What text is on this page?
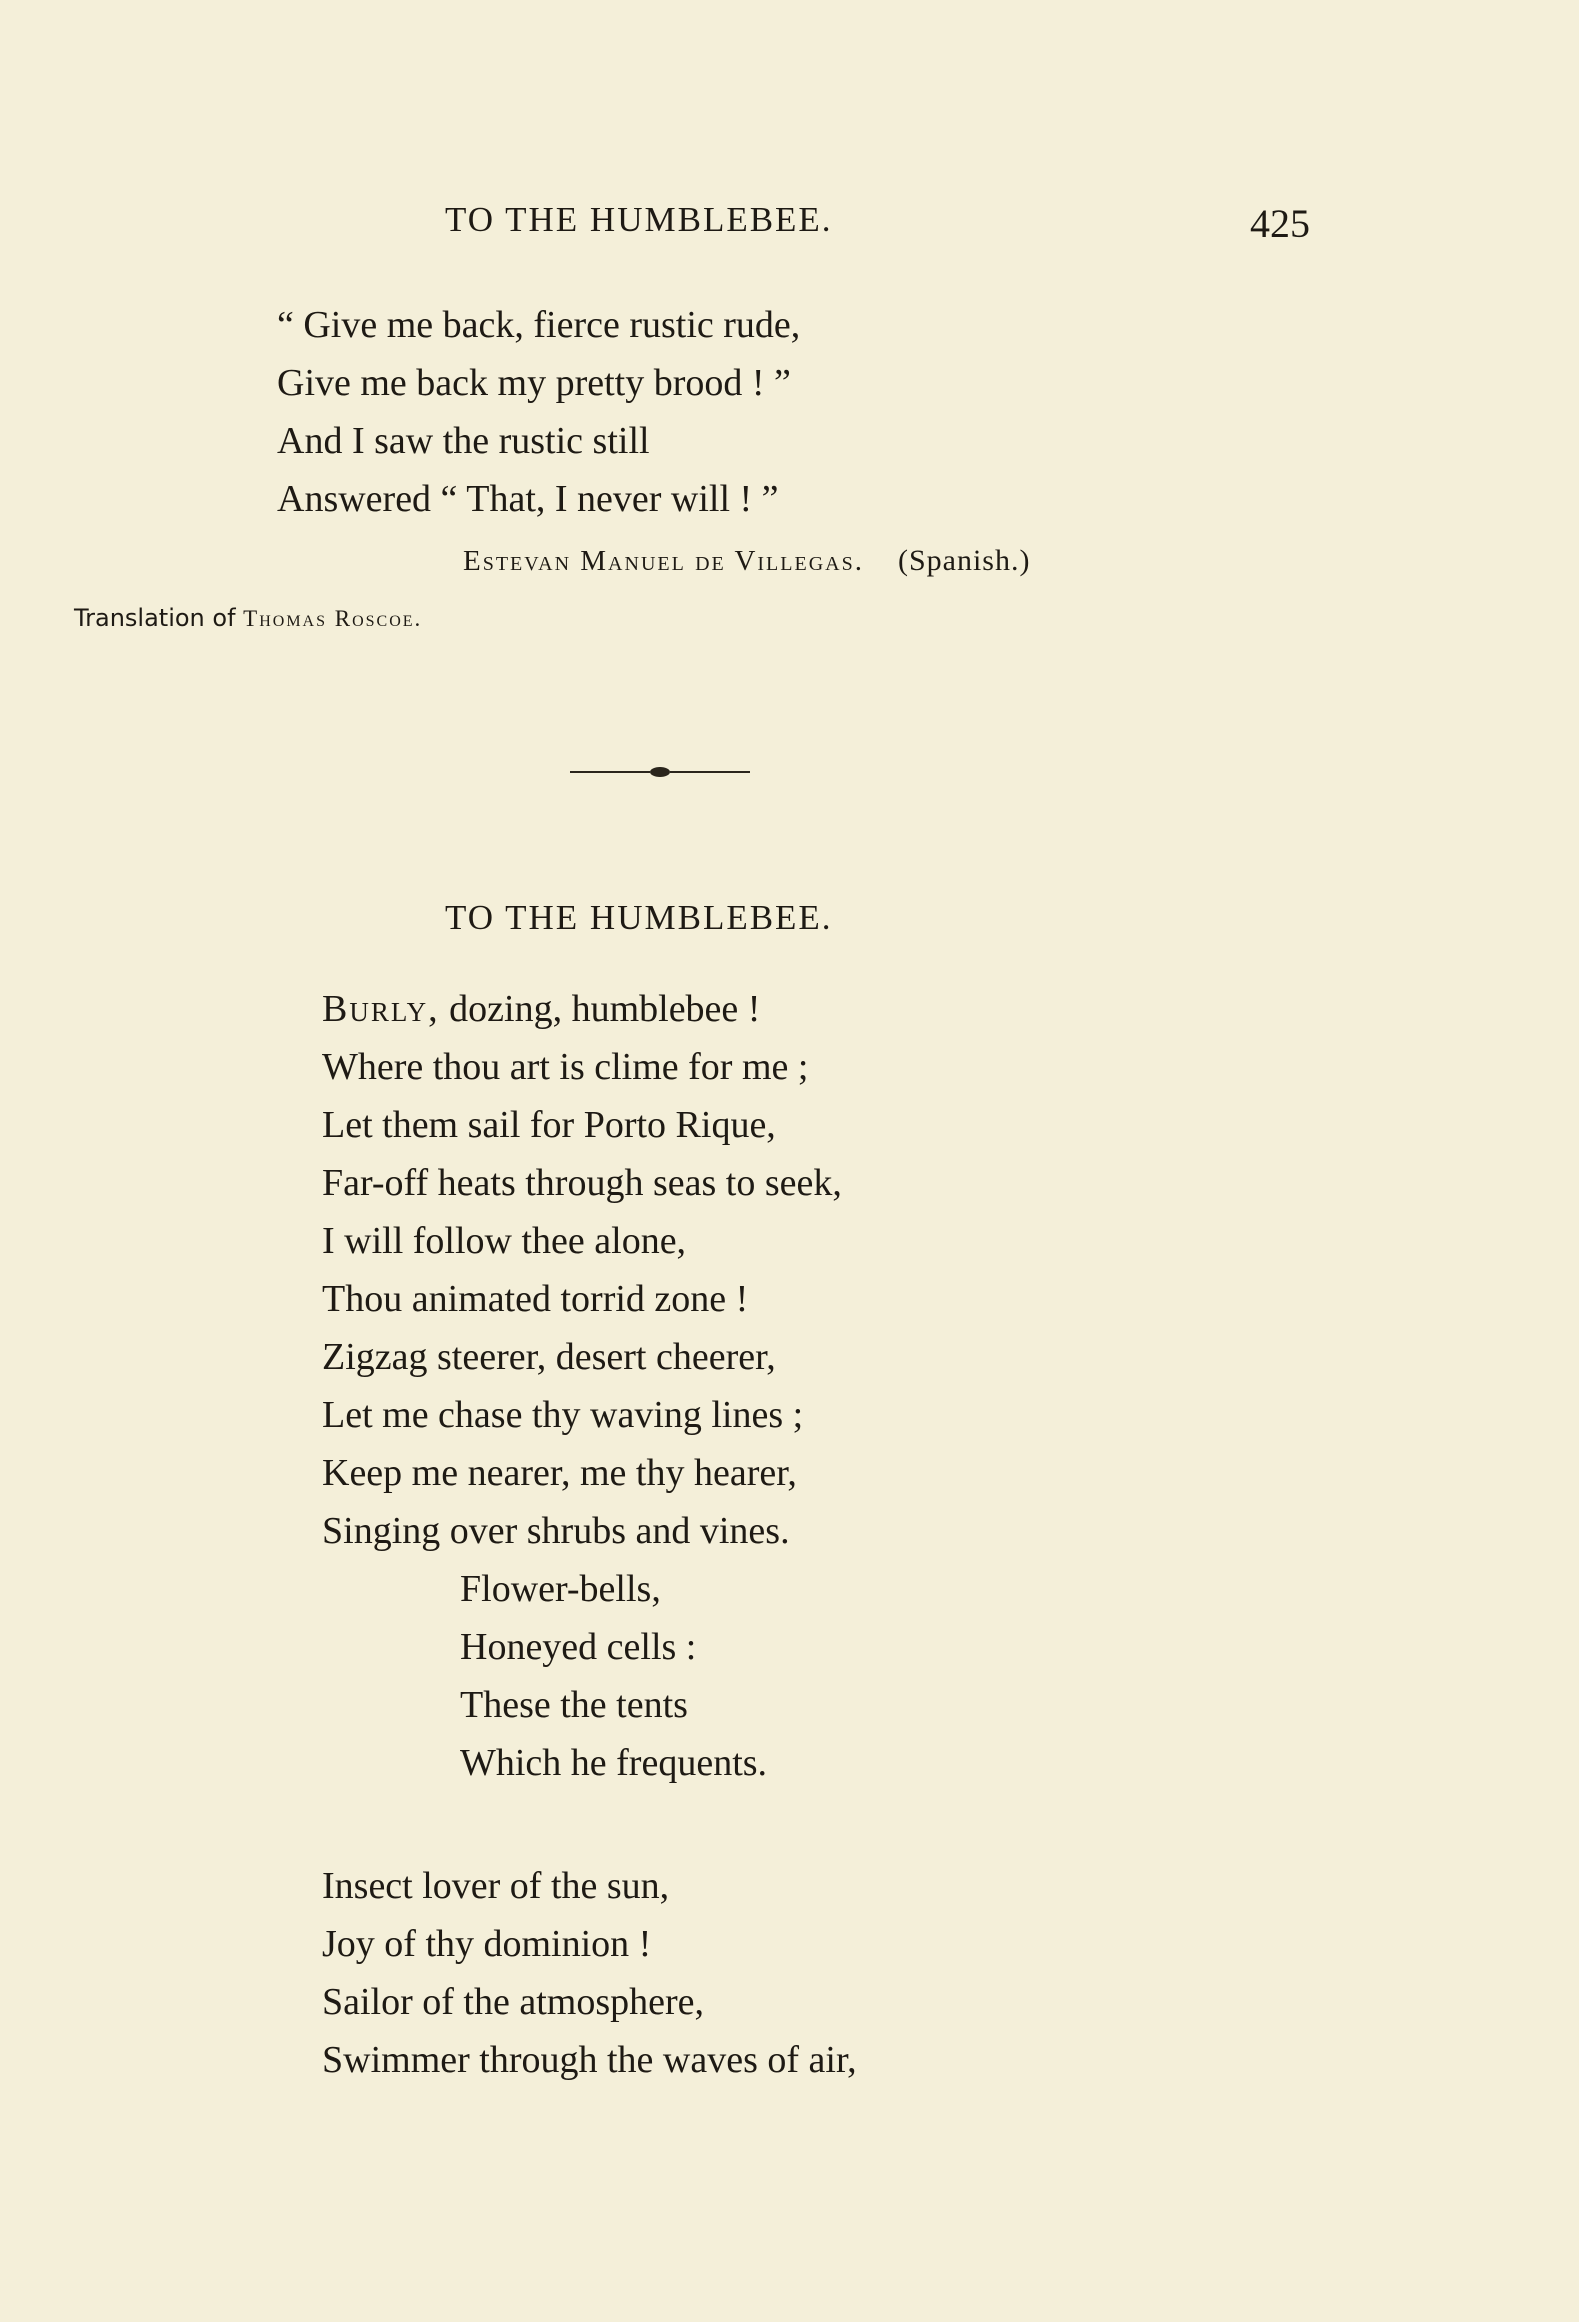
TO THE HUMBLEBEE.	425
“ Give me back, fierce rustic rude,
Give me back my pretty brood ! ”
And I saw the rustic still
Answered “ That, I never will ! ”
Estevan Manuel de Villegas. (Spanish.)
Translation of Thomas Roscoe.
TO THE HUMBLEBEE.
Burly, dozing, humblebee !
Where thou art is clime for me ;
Let them sail for Porto Rique,
Far-off heats through seas to seek,
I will follow thee alone,
Thou animated torrid zone !
Zigzag steerer, desert cheerer,
Let me chase thy waving lines ;
Keep me nearer, me thy hearer,
Singing over shrubs and vines.
Flower-bells,
Honeyed cells :
These the tents
Which he frequents.
Insect lover of the sun,
Joy of thy dominion !
Sailor of the atmosphere,
Swimmer through the waves of air,
